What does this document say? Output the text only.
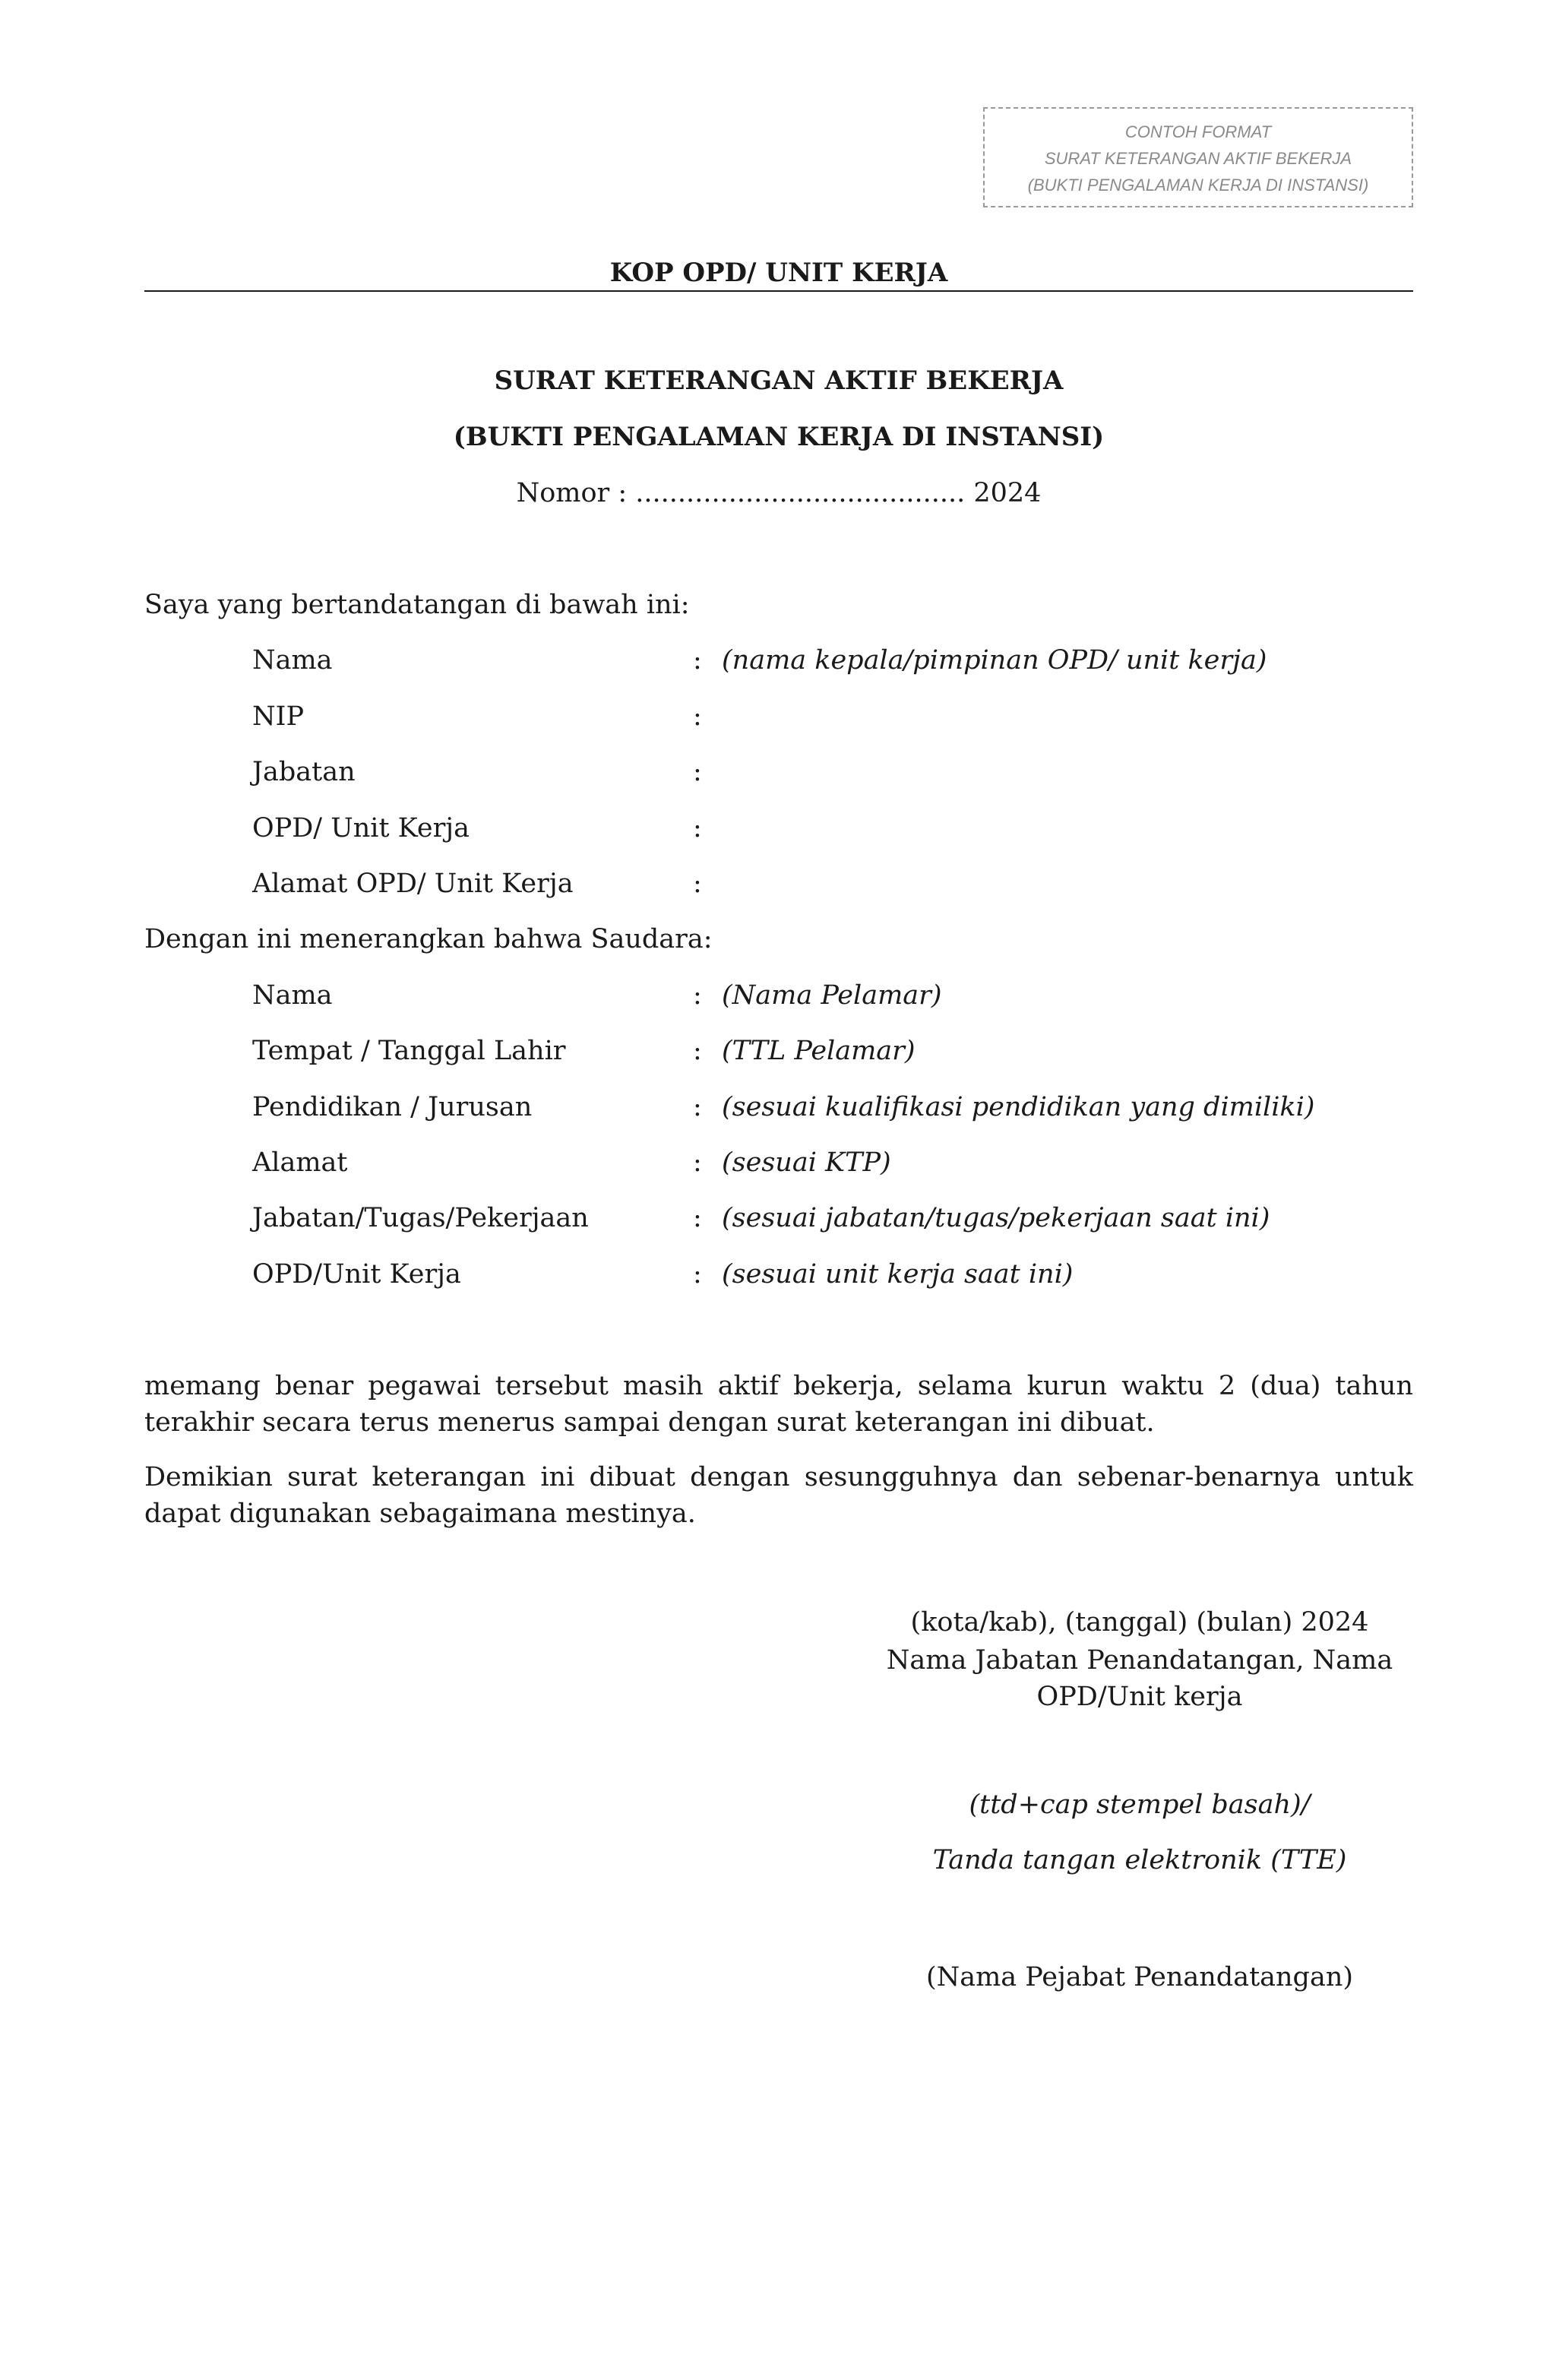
CONTOH FORMAT
SURAT KETERANGAN AKTIF BEKERJA
(BUKTI PENGALAMAN KERJA DI INSTANSI)
KOP OPD/ UNIT KERJA
SURAT KETERANGAN AKTIF BEKERJA
(BUKTI PENGALAMAN KERJA DI INSTANSI)
Nomor : ....................................... 2024
Saya yang bertandatangan di bawah ini:
Nama	: (nama kepala/pimpinan OPD/ unit kerja)
NIP	:
Jabatan	:
OPD/ Unit Kerja	:
Alamat OPD/ Unit Kerja	:
Dengan ini menerangkan bahwa Saudara:
Nama	: (Nama Pelamar)
Tempat / Tanggal Lahir	: (TTL Pelamar)
Pendidikan / Jurusan	: (sesuai kualifikasi pendidikan yang dimiliki)
Alamat	: (sesuai KTP)
Jabatan/Tugas/Pekerjaan	: (sesuai jabatan/tugas/pekerjaan saat ini)
OPD/Unit Kerja	: (sesuai unit kerja saat ini)
memang benar pegawai tersebut masih aktif bekerja, selama kurun waktu 2 (dua) tahun terakhir secara terus menerus sampai dengan surat keterangan ini dibuat.
Demikian surat keterangan ini dibuat dengan sesungguhnya dan sebenar-benarnya untuk dapat digunakan sebagaimana mestinya.
(kota/kab), (tanggal) (bulan) 2024
Nama Jabatan Penandatangan, Nama
OPD/Unit kerja
(ttd+cap stempel basah)/
Tanda tangan elektronik (TTE)
(Nama Pejabat Penandatangan)
